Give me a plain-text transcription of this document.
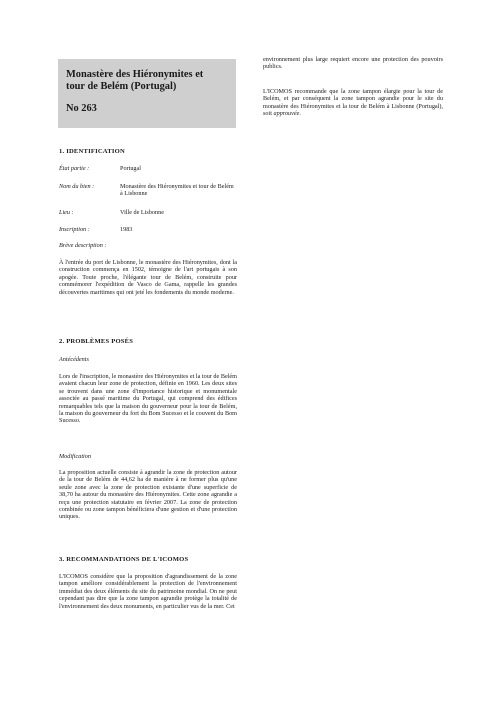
Monastère des Hiéronymites et
tour de Belém (Portugal)
No 263
1. IDENTIFICATION
État partie :	Portugal
Nom du bien :	Monastère des Hiéronymites et tour de Belém à Lisbonne
Lieu :	Ville de Lisbonne
Inscription :	1983
Brève description :
À l'entrée du port de Lisbonne, le monastère des Hiéronymites, dont la construction commença en 1502, témoigne de l'art portugais à son apogée. Toute proche, l'élégante tour de Belém, construite pour commémorer l'expédition de Vasco de Gama, rappelle les grandes découvertes maritimes qui ont jeté les fondements du monde moderne.
2. PROBLÈMES POSÉS
Antécédents
Lors de l'inscription, le monastère des Hiéronymites et la tour de Belém avaient chacun leur zone de protection, définie en 1960. Les deux sites se trouvent dans une zone d'importance historique et monumentale associée au passé maritime du Portugal, qui comprend des édifices remarquables tels que la maison du gouverneur pour la tour de Belém, la maison du gouverneur du fort du Bom Sucesso et le couvent du Bom Sucesso.
Modification
La proposition actuelle consiste à agrandir la zone de protection autour de la tour de Belém de 44,62 ha de manière à ne former plus qu'une seule zone avec la zone de protection existante d'une superficie de 38,70 ha autour du monastère des Hiéronymites. Cette zone agrandie a reçu une protection statutaire en février 2007. La zone de protection combinée ou zone tampon bénéficiera d'une gestion et d'une protection uniques.
3. RECOMMANDATIONS DE L'ICOMOS
L'ICOMOS considère que la proposition d'agrandissement de la zone tampon améliore considérablement la protection de l'environnement immédiat des deux éléments du site du patrimoine mondial. On ne peut cependant pas dire que la zone tampon agrandie protège la totalité de l'environnement des deux monuments, en particulier vus de la mer. Cet
environnement plus large requiert encore une protection des pouvoirs publics.
L'ICOMOS recommande que la zone tampon élargie pour la tour de Belém, et par conséquent la zone tampon agrandie pour le site du monastère des Hiéronymites et la tour de Belém à Lisbonne (Portugal), soit approuvée.
